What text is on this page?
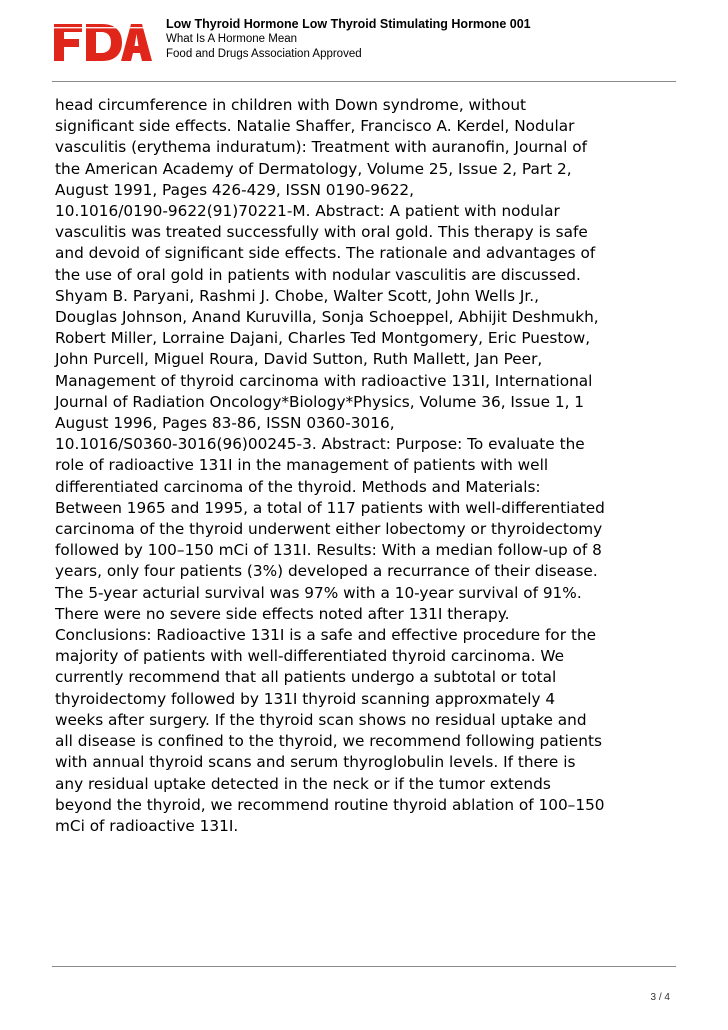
Low Thyroid Hormone Low Thyroid Stimulating Hormone 001
What Is A Hormone Mean
Food and Drugs Association Approved

head circumference in children with Down syndrome, without
significant side effects. Natalie Shaffer, Francisco A. Kerdel, Nodular
vasculitis (erythema induratum): Treatment with auranofin, Journal of
the American Academy of Dermatology, Volume 25, Issue 2, Part 2,
August 1991, Pages 426-429, ISSN 0190-9622,
10.1016/0190-9622(91)70221-M. Abstract: A patient with nodular
vasculitis was treated successfully with oral gold. This therapy is safe
and devoid of significant side effects. The rationale and advantages of
the use of oral gold in patients with nodular vasculitis are discussed.
Shyam B. Paryani, Rashmi J. Chobe, Walter Scott, John Wells Jr.,
Douglas Johnson, Anand Kuruvilla, Sonja Schoeppel, Abhijit Deshmukh,
Robert Miller, Lorraine Dajani, Charles Ted Montgomery, Eric Puestow,
John Purcell, Miguel Roura, David Sutton, Ruth Mallett, Jan Peer,
Management of thyroid carcinoma with radioactive 131I, International
Journal of Radiation Oncology*Biology*Physics, Volume 36, Issue 1, 1
August 1996, Pages 83-86, ISSN 0360-3016,
10.1016/S0360-3016(96)00245-3. Abstract: Purpose: To evaluate the
role of radioactive 131I in the management of patients with well
differentiated carcinoma of the thyroid. Methods and Materials:
Between 1965 and 1995, a total of 117 patients with well-differentiated
carcinoma of the thyroid underwent either lobectomy or thyroidectomy
followed by 100–150 mCi of 131I. Results: With a median follow-up of 8
years, only four patients (3%) developed a recurrance of their disease.
The 5-year acturial survival was 97% with a 10-year survival of 91%.
There were no severe side effects noted after 131I therapy.
Conclusions: Radioactive 131I is a safe and effective procedure for the
majority of patients with well-differentiated thyroid carcinoma. We
currently recommend that all patients undergo a subtotal or total
thyroidectomy followed by 131I thyroid scanning approxmately 4
weeks after surgery. If the thyroid scan shows no residual uptake and
all disease is confined to the thyroid, we recommend following patients
with annual thyroid scans and serum thyroglobulin levels. If there is
any residual uptake detected in the neck or if the tumor extends
beyond the thyroid, we recommend routine thyroid ablation of 100–150
mCi of radioactive 131I.

3 / 4
